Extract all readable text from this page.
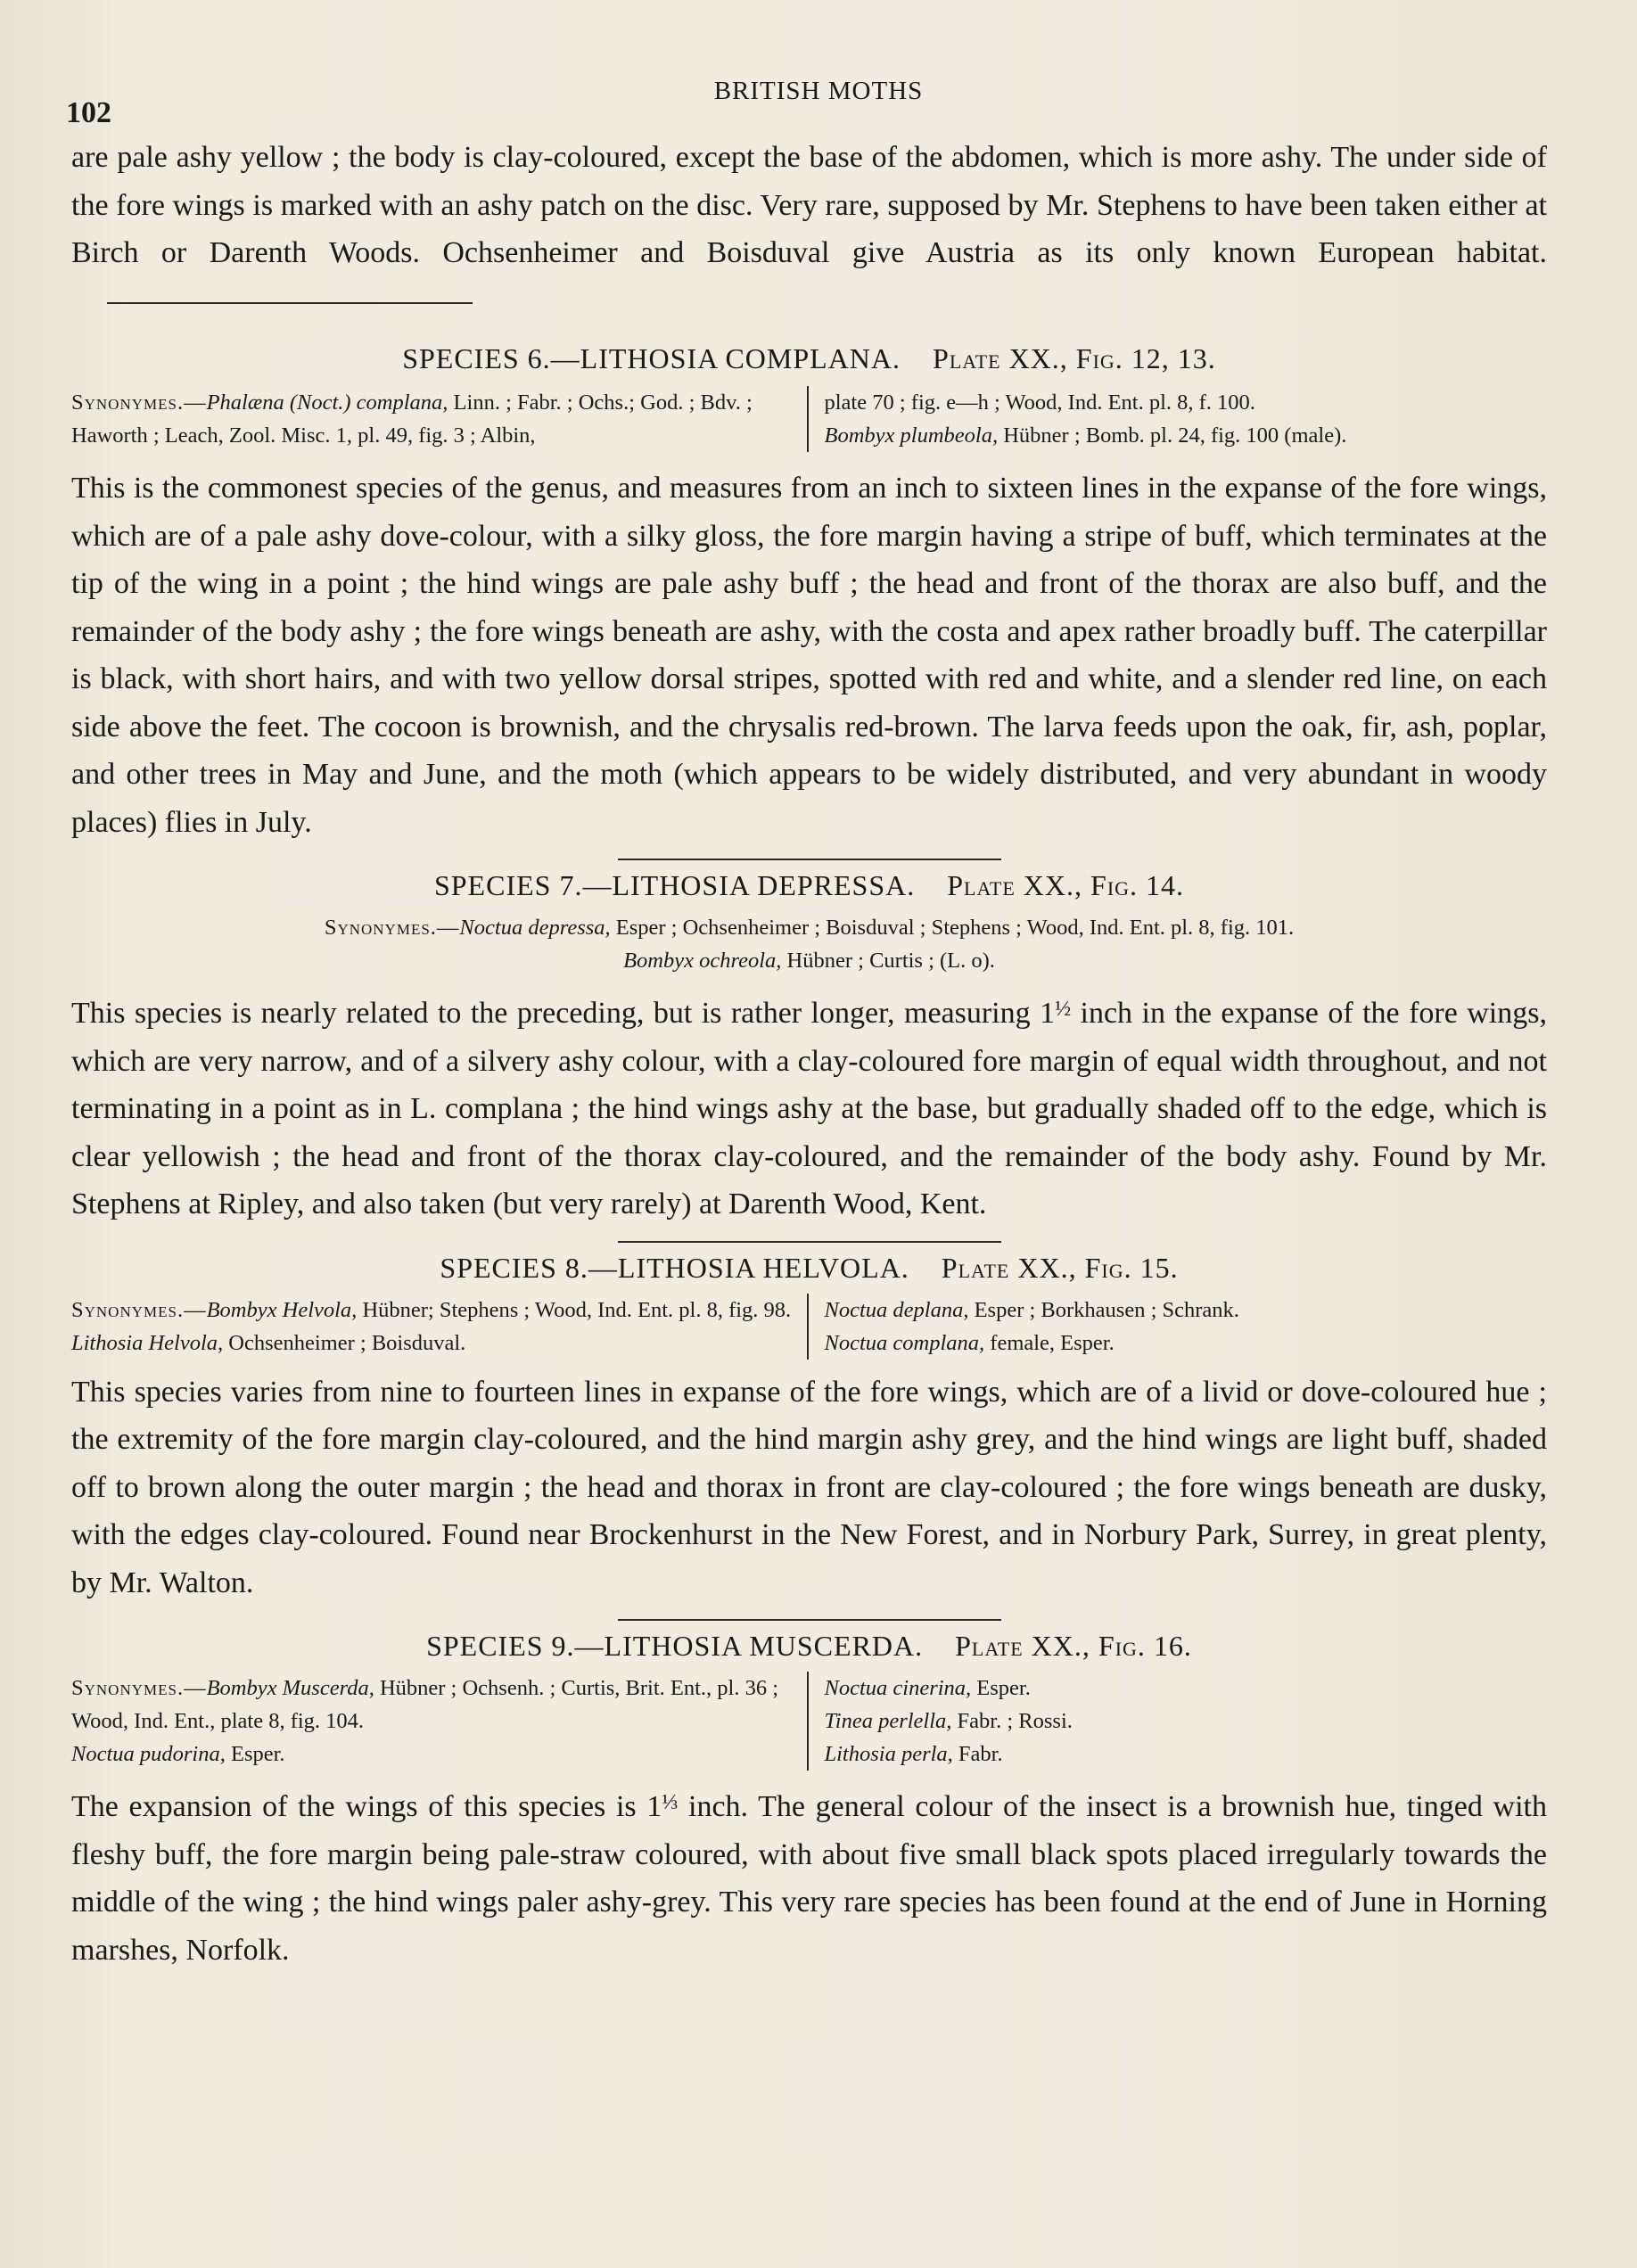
102
BRITISH MOTHS

are pale ashy yellow ; the body is clay-coloured, except the base of the abdomen, which is more ashy. The under side of the fore wings is marked with an ashy patch on the disc. Very rare, supposed by Mr. Stephens to have been taken either at Birch or Darenth Woods. Ochsenheimer and Boisduval give Austria as its only known European habitat.

SPECIES 6.—LITHOSIA COMPLANA. Plate XX., Fig. 12, 13.

Synonymes.—Phalæna (Noct.) complana, Linn. ; Fabr. ; Ochs.; God. ; Bdv. ; Haworth ; Leach, Zool. Misc. 1, pl. 49, fig. 3 ; Albin,
plate 70 ; fig. e—h ; Wood, Ind. Ent. pl. 8, f. 100.
Bombyx plumbeola, Hübner ; Bomb. pl. 24, fig. 100 (male).

This is the commonest species of the genus, and measures from an inch to sixteen lines in the expanse of the fore wings, which are of a pale ashy dove-colour, with a silky gloss, the fore margin having a stripe of buff, which terminates at the tip of the wing in a point ; the hind wings are pale ashy buff ; the head and front of the thorax are also buff, and the remainder of the body ashy ; the fore wings beneath are ashy, with the costa and apex rather broadly buff. The caterpillar is black, with short hairs, and with two yellow dorsal stripes, spotted with red and white, and a slender red line, on each side above the feet. The cocoon is brownish, and the chrysalis red-brown. The larva feeds upon the oak, fir, ash, poplar, and other trees in May and June, and the moth (which appears to be widely distributed, and very abundant in woody places) flies in July.

SPECIES 7.—LITHOSIA DEPRESSA. Plate XX., Fig. 14.

Synonymes.—Noctua depressa, Esper ; Ochsenheimer ; Boisduval ; Stephens ; Wood, Ind. Ent. pl. 8, fig. 101.
Bombyx ochreola, Hübner ; Curtis ; (L. o).

This species is nearly related to the preceding, but is rather longer, measuring $1^{\frac{1}{2}}$ inch in the expanse of the fore wings, which are very narrow, and of a silvery ashy colour, with a clay-coloured fore margin of equal width throughout, and not terminating in a point as in L. complana ; the hind wings ashy at the base, but gradually shaded off to the edge, which is clear yellowish ; the head and front of the thorax clay-coloured, and the remainder of the body ashy. Found by Mr. Stephens at Ripley, and also taken (but very rarely) at Darenth Wood, Kent.

SPECIES 8.—LITHOSIA HELVOLA. Plate XX., Fig. 15.

Synonymes.—Bombyx Helvola, Hübner; Stephens ; Wood, Ind. Ent. pl. 8, fig. 98.
Lithosia Helvola, Ochsenheimer ; Boisduval.
Noctua deplana, Esper ; Borkhausen ; Schrank.
Noctua complana, female, Esper.

This species varies from nine to fourteen lines in expanse of the fore wings, which are of a livid or dove-coloured hue ; the extremity of the fore margin clay-coloured, and the hind margin ashy grey, and the hind wings are light buff, shaded off to brown along the outer margin ; the head and thorax in front are clay-coloured ; the fore wings beneath are dusky, with the edges clay-coloured. Found near Brockenhurst in the New Forest, and in Norbury Park, Surrey, in great plenty, by Mr. Walton.

SPECIES 9.—LITHOSIA MUSCERDA. Plate XX., Fig. 16.

Synonymes.—Bombyx Muscerda, Hübner ; Ochsenh. ; Curtis, Brit. Ent., pl. 36 ; Wood, Ind. Ent., plate 8, fig. 104.
Noctua pudorina, Esper.
Noctua cinerina, Esper.
Tinea perlella, Fabr. ; Rossi.
Lithosia perla, Fabr.

The expansion of the wings of this species is $1^{\frac{1}{3}}$ inch. The general colour of the insect is a brownish hue, tinged with fleshy buff, the fore margin being pale-straw coloured, with about five small black spots placed irregularly towards the middle of the wing ; the hind wings paler ashy-grey. This very rare species has been found at the end of June in Horning marshes, Norfolk.
